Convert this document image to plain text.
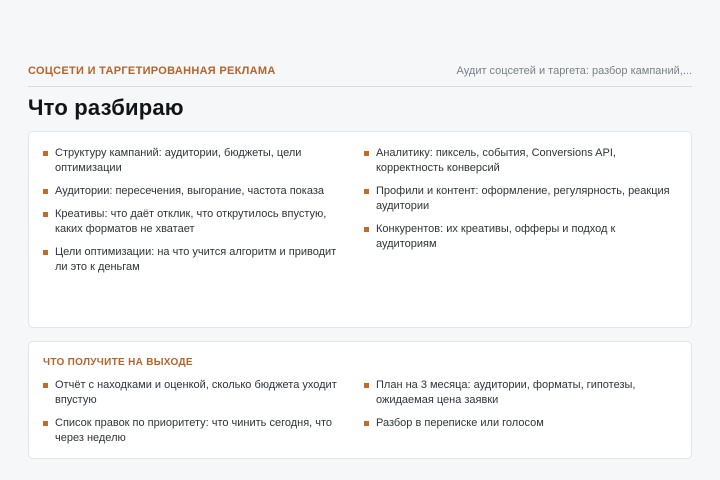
СОЦСЕТИ И ТАРГЕТИРОВАННАЯ РЕКЛАМА	Аудит соцсетей и таргета: разбор кампаний,...
Что разбираю
Структуру кампаний: аудитории, бюджеты, цели оптимизации
Аудитории: пересечения, выгорание, частота показа
Креативы: что даёт отклик, что открутилось впустую, каких форматов не хватает
Цели оптимизации: на что учится алгоритм и приводит ли это к деньгам
Аналитику: пиксель, события, Conversions API, корректность конверсий
Профили и контент: оформление, регулярность, реакция аудитории
Конкурентов: их креативы, офферы и подход к аудиториям
ЧТО ПОЛУЧИТЕ НА ВЫХОДЕ
Отчёт с находками и оценкой, сколько бюджета уходит впустую
Список правок по приоритету: что чинить сегодня, что через неделю
План на 3 месяца: аудитории, форматы, гипотезы, ожидаемая цена заявки
Разбор в переписке или голосом
